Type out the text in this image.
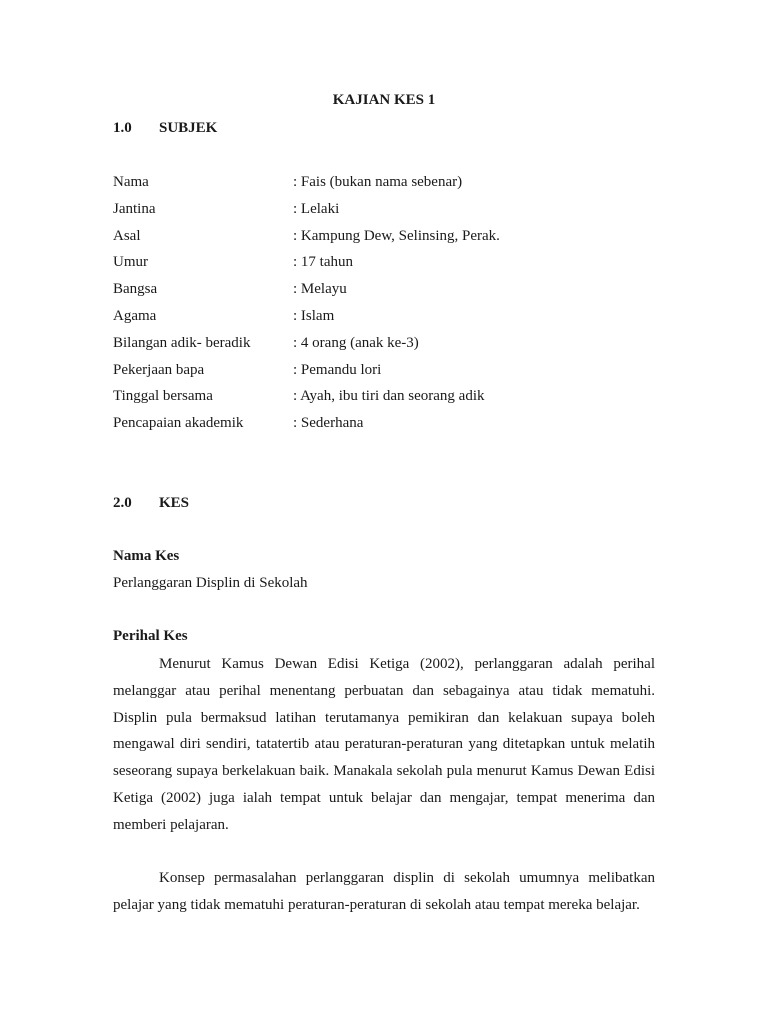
KAJIAN KES 1
1.0 SUBJEK
Nama	: Fais (bukan nama sebenar)
Jantina	: Lelaki
Asal	: Kampung Dew, Selinsing, Perak.
Umur	: 17 tahun
Bangsa	: Melayu
Agama	: Islam
Bilangan adik- beradik	: 4 orang (anak ke-3)
Pekerjaan bapa	: Pemandu lori
Tinggal bersama	: Ayah, ibu tiri dan seorang adik
Pencapaian akademik	: Sederhana
2.0 KES
Nama Kes
Perlanggaran Displin di Sekolah
Perihal Kes

Menurut Kamus Dewan Edisi Ketiga (2002), perlanggaran adalah perihal melanggar atau perihal menentang perbuatan dan sebagainya atau tidak mematuhi. Displin pula bermaksud latihan terutamanya pemikiran dan kelakuan supaya boleh mengawal diri sendiri, tatatertib atau peraturan-peraturan yang ditetapkan untuk melatih seseorang supaya berkelakuan baik. Manakala sekolah pula menurut Kamus Dewan Edisi Ketiga (2002) juga ialah tempat untuk belajar dan mengajar, tempat menerima dan memberi pelajaran.

Konsep permasalahan perlanggaran displin di sekolah umumnya melibatkan pelajar yang tidak mematuhi peraturan-peraturan di sekolah atau tempat mereka belajar.
